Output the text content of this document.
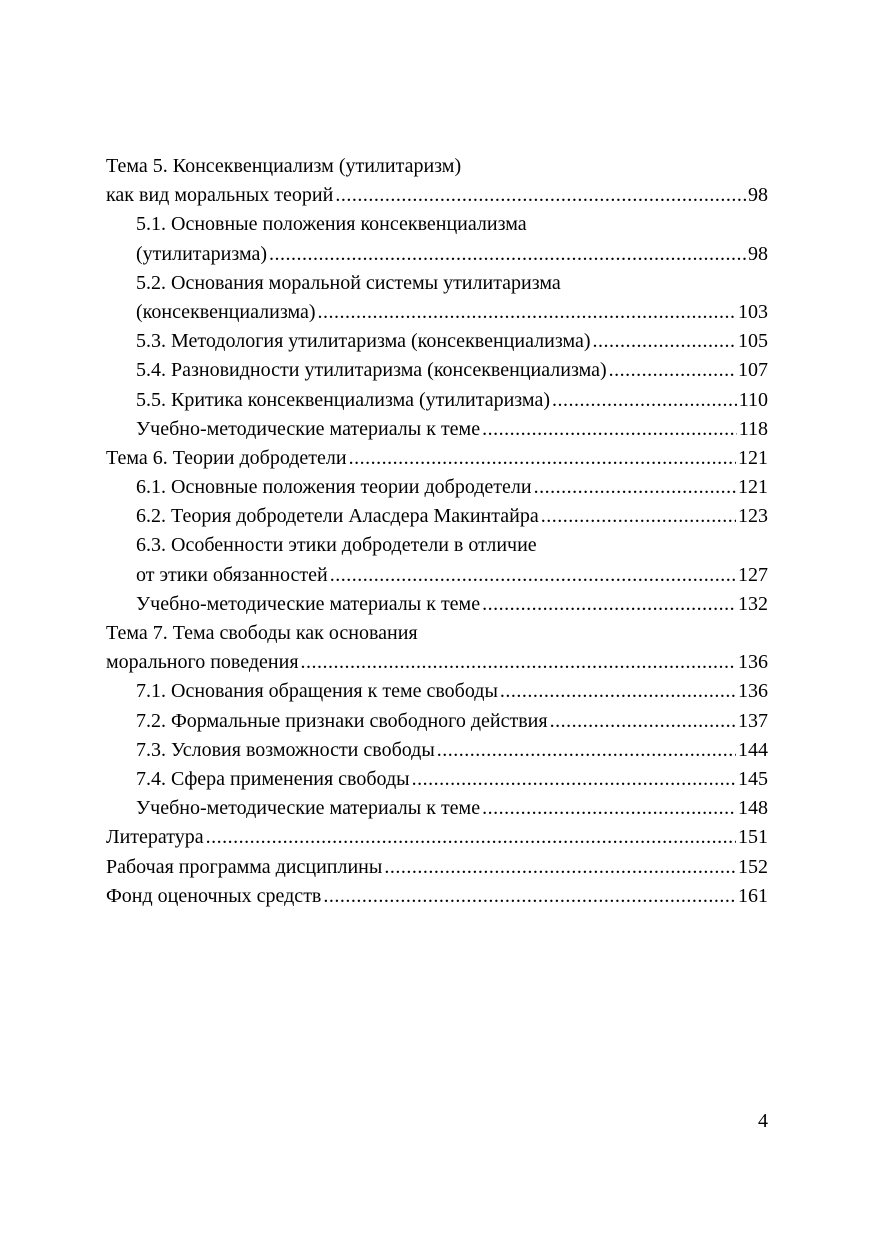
Тема 5. Консеквенциализм (утилитаризм)
как вид моральных теорий .....	98
5.1. Основные положения консеквенциализма
(утилитаризма) .....	98
5.2. Основания моральной системы утилитаризма
(консеквенциализма) .....	103
5.3. Методология утилитаризма (консеквенциализма) .....	105
5.4. Разновидности утилитаризма (консеквенциализма) .....	107
5.5. Критика консеквенциализма (утилитаризма) .....	110
Учебно-методические материалы к теме .....	118
Тема 6. Теории добродетели .....	121
6.1. Основные положения теории добродетели .....	121
6.2. Теория добродетели Аласдера Макинтайра .....	123
6.3. Особенности этики добродетели в отличие
от этики обязанностей .....	127
Учебно-методические материалы к теме .....	132
Тема 7. Тема свободы как основания
морального поведения .....	136
7.1. Основания обращения к теме свободы .....	136
7.2. Формальные признаки свободного действия .....	137
7.3. Условия возможности свободы .....	144
7.4. Сфера применения свободы .....	145
Учебно-методические материалы к теме .....	148
Литература .....	151
Рабочая программа дисциплины .....	152
Фонд оценочных средств .....	161
4
